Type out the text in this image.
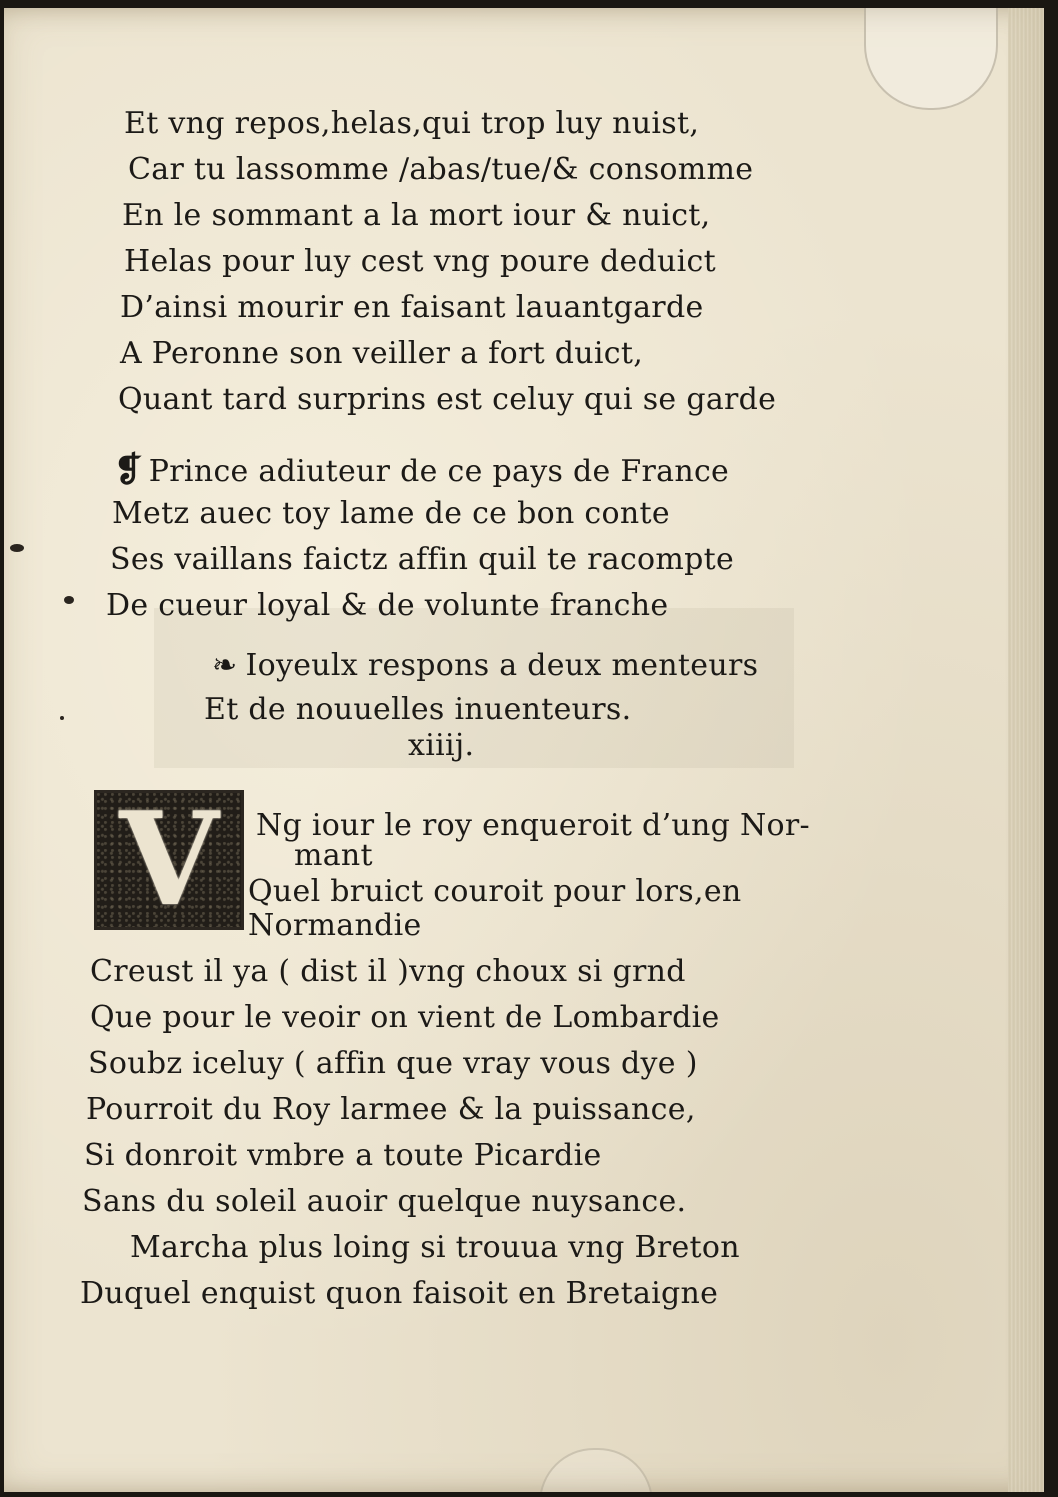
Et vng repos,helas,qui trop luy nuist,
Car tu lassomme /abas/tue/& consomme
En le sommant a la mort iour & nuict,
Helas pour luy cest vng poure deduict
D’ainsi mourir en faisant lauantgarde
A Peronne son veiller a fort duict,
Quant tard surprins est celuy qui se garde
❡ Prince adiuteur de ce pays de France
Metz auec toy lame de ce bon conte
Ses vaillans faictz affin quil te racompte
De cueur loyal & de volunte franche
❧ Ioyeulx respons a deux menteurs
Et de nouuelles inuenteurs.
xiiij.
V Ng iour le roy enqueroit d’ung Nor-
mant
Quel bruict couroit pour lors,en
Normandie
Creust il ya ( dist il )vng choux si grnd
Que pour le veoir on vient de Lombardie
Soubz iceluy ( affin que vray vous dye )
Pourroit du Roy larmee & la puissance,
Si donroit vmbre a toute Picardie
Sans du soleil auoir quelque nuysance.
Marcha plus loing si trouua vng Breton
Duquel enquist quon faisoit en Bretaigne
